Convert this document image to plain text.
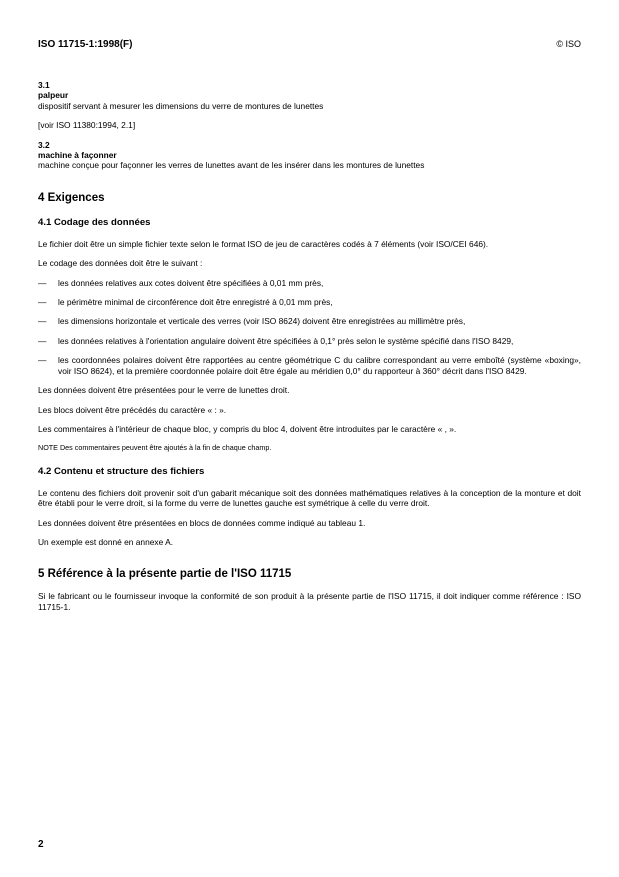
ISO 11715-1:1998(F)	© ISO

3.1

palpeur

dispositif servant à mesurer les dimensions du verre de montures de lunettes

[voir ISO 11380:1994, 2.1]

3.2

machine à façonner

machine conçue pour façonner les verres de lunettes avant de les insérer dans les montures de lunettes

4 Exigences
4.1 Codage des données

Le fichier doit être un simple fichier texte selon le format ISO de jeu de caractères codés à 7 éléments (voir ISO/CEI 646).

Le codage des données doit être le suivant :

— les données relatives aux cotes doivent être spécifiées à 0,01 mm près,
— le périmètre minimal de circonférence doit être enregistré à 0,01 mm près,
— les dimensions horizontale et verticale des verres (voir ISO 8624) doivent être enregistrées au millimètre près,
— les données relatives à l'orientation angulaire doivent être spécifiées à 0,1° près selon le système spécifié dans l'ISO 8429,
— les coordonnées polaires doivent être rapportées au centre géométrique C du calibre correspondant au verre emboîté (système «boxing», voir ISO 8624), et la première coordonnée polaire doit être égale au méridien 0,0° du rapporteur à 360° décrit dans l'ISO 8429.

Les données doivent être présentées pour le verre de lunettes droit.

Les blocs doivent être précédés du caractère « : ».

Les commentaires à l'intérieur de chaque bloc, y compris du bloc 4, doivent être introduites par le caractère « , ».

NOTE Des commentaires peuvent être ajoutés à la fin de chaque champ.

4.2 Contenu et structure des fichiers

Le contenu des fichiers doit provenir soit d'un gabarit mécanique soit des données mathématiques relatives à la conception de la monture et doit être établi pour le verre droit, si la forme du verre de lunettes gauche est symétrique à celle du verre droit.

Les données doivent être présentées en blocs de données comme indiqué au tableau 1.

Un exemple est donné en annexe A.

5 Référence à la présente partie de l'ISO 11715

Si le fabricant ou le fournisseur invoque la conformité de son produit à la présente partie de l'ISO 11715, il doit indiquer comme référence : ISO 11715-1.

2
